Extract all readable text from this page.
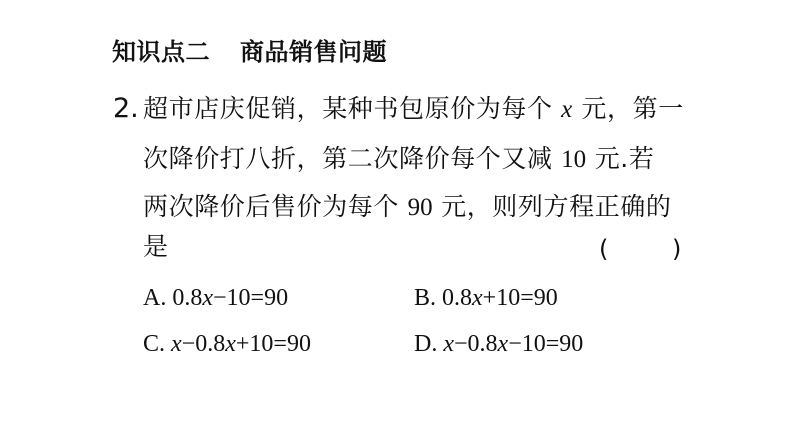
知识点二 商品销售问题
2. 超市店庆促销，某种书包原价为每个 x 元，第一
次降价打八折，第二次降价每个又减 10 元.若
两次降价后售价为每个 90 元，则列方程正确的
是	(	)
A. 0.8x−10=90	B. 0.8x+10=90
C. x−0.8x+10=90	D. x−0.8x−10=90
